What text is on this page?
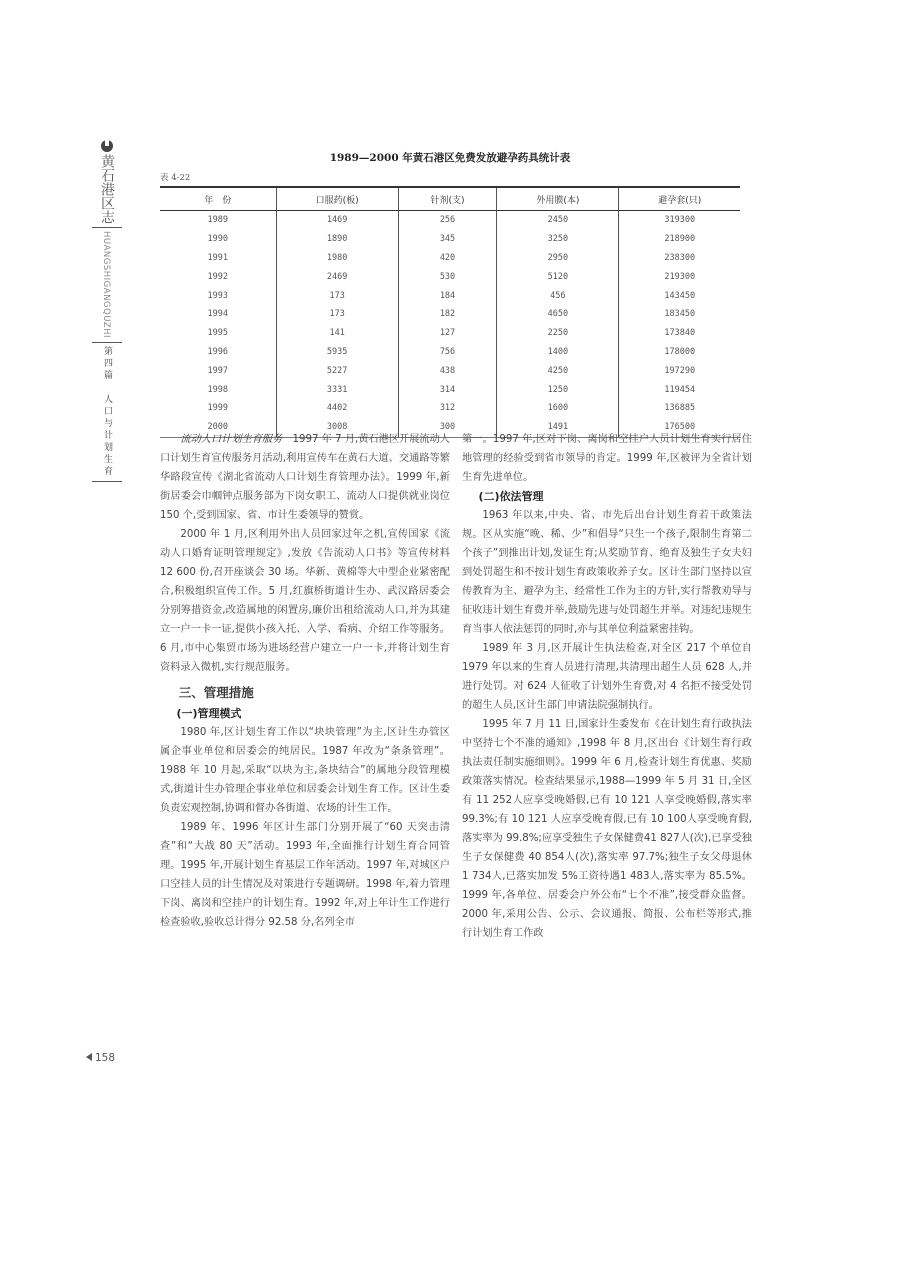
黄石港区志
HUANGSHIGANGQUZHI
第四篇
人口与计划生育
1989—2000 年黄石港区免费发放避孕药具统计表
表 4-22
年　份	口服药(板)	针剂(支)	外用膜(本)	避孕套(只)
1989	1469	256	2450	319300
1990	1890	345	3250	218900
1991	1980	420	2950	238300
1992	2469	530	5120	219300
1993	173	184	456	143450
1994	173	182	4650	183450
1995	141	127	2250	173840
1996	5935	756	1400	178000
1997	5227	438	4250	197290
1998	3331	314	1250	119454
1999	4402	312	1600	136885
2000	3008	300	1491	176500

流动人口计划生育服务　1997 年 7 月,黄石港区开展流动人口计划生育宣传服务月活动,利用宣传车在黄石大道、交通路等繁华路段宣传《湖北省流动人口计划生育管理办法》。1999 年,新街居委会巾帼钟点服务部为下岗女职工、流动人口提供就业岗位 150 个,受到国家、省、市计生委领导的赞赏。

2000 年 1 月,区利用外出人员回家过年之机,宣传国家《流动人口婚育证明管理规定》,发放《告流动人口书》等宣传材料 12 600 份,召开座谈会 30 场。华新、黄棉等大中型企业紧密配合,积极组织宣传工作。5 月,红旗桥街道计生办、武汉路居委会分别筹措资金,改造属地的闲置房,廉价出租给流动人口,并为其建立一户一卡一证,提供小孩入托、入学、看病、介绍工作等服务。6 月,市中心集贸市场为进场经营户建立一户一卡,并将计划生育资料录入微机,实行规范服务。

三、管理措施
(一)管理模式

1980 年,区计划生育工作以“块块管理”为主,区计生办管区属企事业单位和居委会的纯居民。1987 年改为“条条管理”。1988 年 10 月起,采取“以块为主,条块结合”的属地分段管理模式,街道计生办管理企事业单位和居委会计划生育工作。区计生委负责宏观控制,协调和督办各街道、农场的计生工作。

1989 年、1996 年区计生部门分别开展了“60 天突击清查”和“大战 80 天”活动。1993 年,全面推行计划生育合同管理。1995 年,开展计划生育基层工作年活动。1997 年,对城区户口空挂人员的计生情况及对策进行专题调研。1998 年,着力管理下岗、离岗和空挂户的计划生育。1992 年,对上年计生工作进行检查验收,验收总计得分 92.58 分,名列全市

第一。1997 年,区对下岗、离岗和空挂户人员计划生育实行居住地管理的经验受到省市领导的肯定。1999 年,区被评为全省计划生育先进单位。

(二)依法管理

1963 年以来,中央、省、市先后出台计划生育若干政策法规。区从实施“晚、稀、少”和倡导“只生一个孩子,限制生育第二个孩子”到推出计划,发证生育;从奖励节育、绝育及独生子女夫妇到处罚超生和不按计划生育政策收养子女。区计生部门坚持以宣传教育为主、避孕为主、经常性工作为主的方针,实行帮教劝导与征收违计划生育费并举,鼓励先进与处罚超生并举。对违纪违规生育当事人依法惩罚的同时,亦与其单位利益紧密挂钩。

1989 年 3 月,区开展计生执法检查,对全区 217 个单位自 1979 年以来的生育人员进行清理,共清理出超生人员 628 人,并进行处罚。对 624 人征收了计划外生育费,对 4 名拒不接受处罚的超生人员,区计生部门申请法院强制执行。

1995 年 7 月 11 日,国家计生委发布《在计划生育行政执法中坚持七个不准的通知》,1998 年 8 月,区出台《计划生育行政执法责任制实施细则》。1999 年 6 月,检查计划生育优惠、奖励政策落实情况。检查结果显示,1988—1999 年 5 月 31 日,全区有 11 252人应享受晚婚假,已有 10 121 人享受晚婚假,落实率 99.3%;有 10 121 人应享受晚育假,已有 10 100人享受晚育假,落实率为 99.8%;应享受独生子女保健费41 827人(次),已享受独生子女保健费 40 854人(次),落实率 97.7%;独生子女父母退休 1 734人,已落实加发 5%工资待遇1 483人,落实率为 85.5%。1999 年,各单位、居委会户外公布“七个不准”,接受群众监督。2000 年,采用公告、公示、会议通报、简报、公布栏等形式,推行计划生育工作政

158
